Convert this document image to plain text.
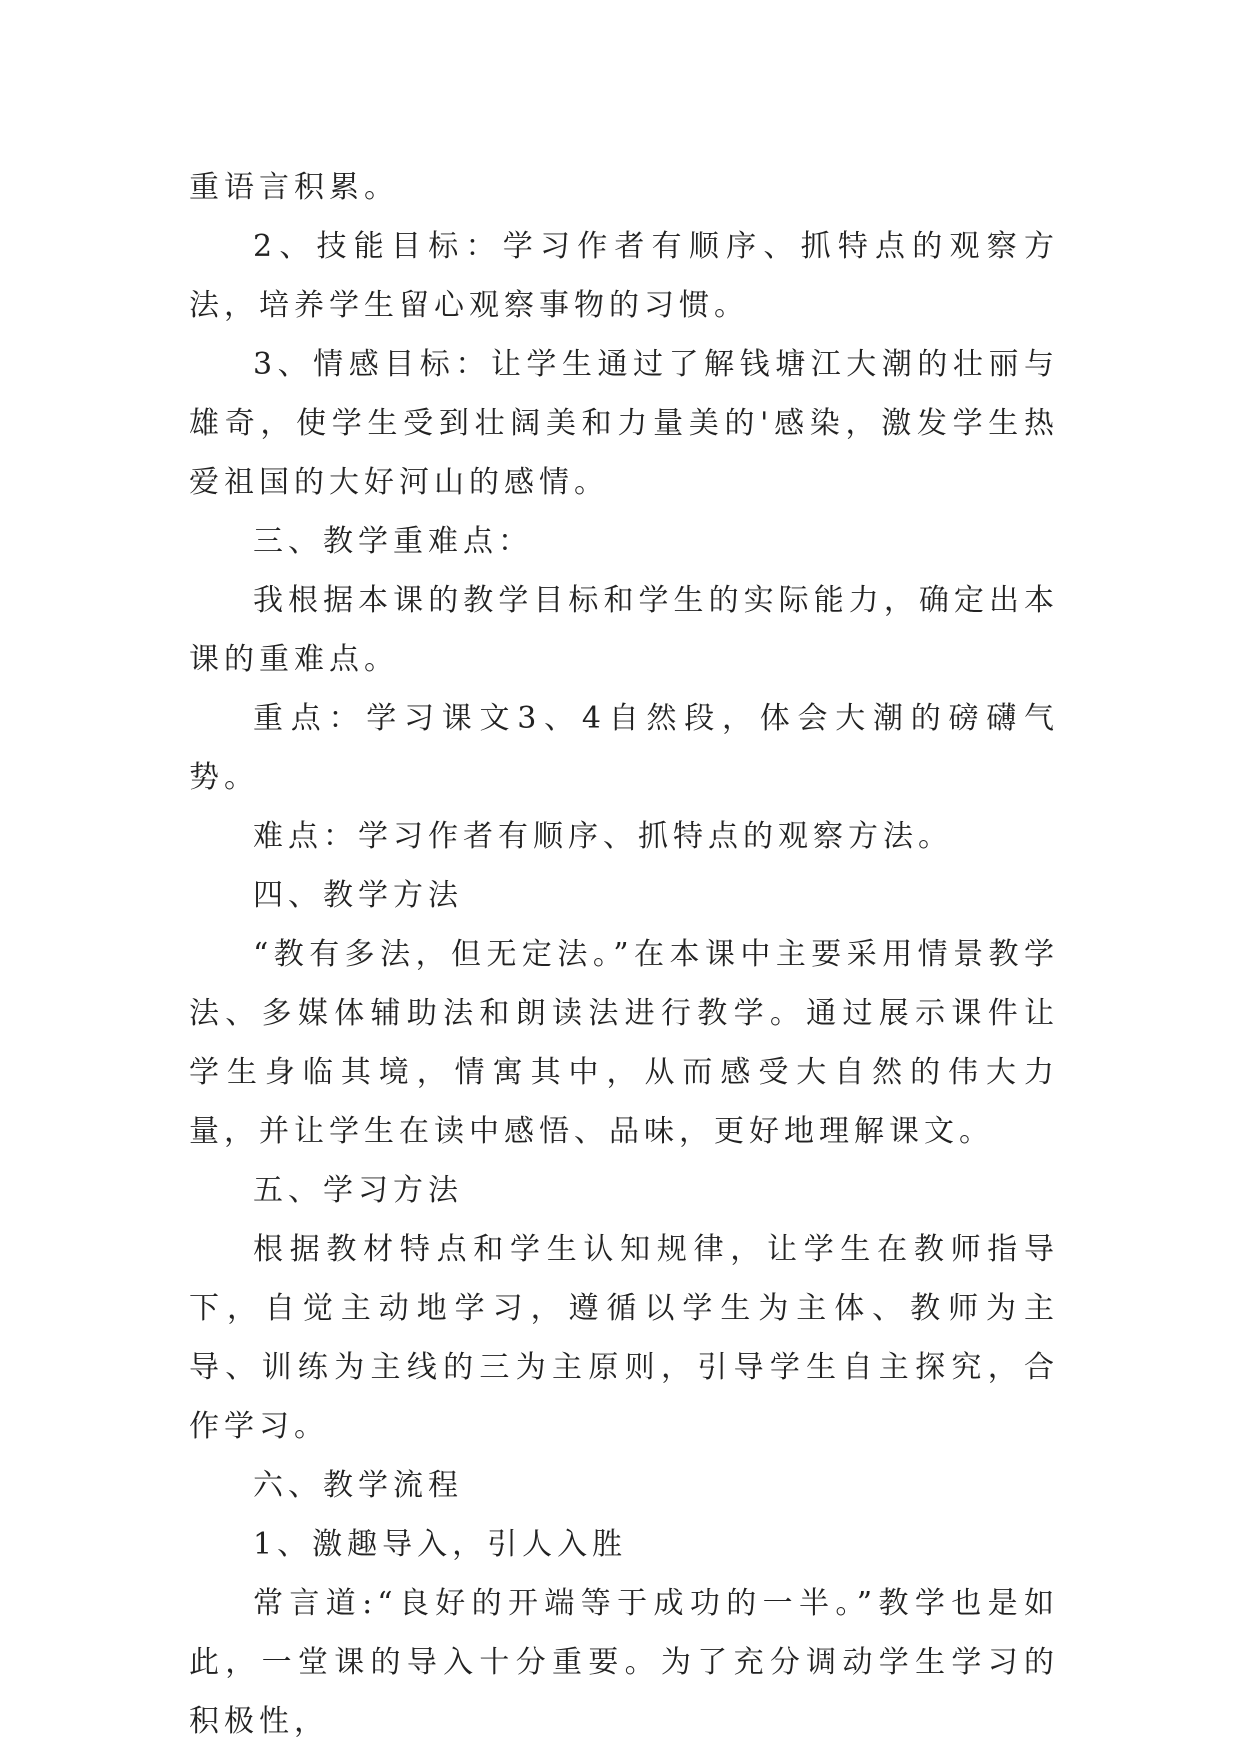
重语言积累。

2、技能目标：学习作者有顺序、抓特点的观察方法，培养学生留心观察事物的习惯。

3、情感目标：让学生通过了解钱塘江大潮的壮丽与雄奇，使学生受到壮阔美和力量美的'感染，激发学生热爱祖国的大好河山的感情。

三、教学重难点：

我根据本课的教学目标和学生的实际能力，确定出本课的重难点。

重点：学习课文3、4自然段，体会大潮的磅礴气势。

难点：学习作者有顺序、抓特点的观察方法。

四、教学方法

“教有多法，但无定法。”在本课中主要采用情景教学法、多媒体辅助法和朗读法进行教学。通过展示课件让学生身临其境，情寓其中，从而感受大自然的伟大力量，并让学生在读中感悟、品味，更好地理解课文。

五、学习方法

根据教材特点和学生认知规律，让学生在教师指导下，自觉主动地学习，遵循以学生为主体、教师为主导、训练为主线的三为主原则，引导学生自主探究，合作学习。

六、教学流程

1、激趣导入，引人入胜

常言道:“良好的开端等于成功的一半。”教学也是如此，一堂课的导入十分重要。为了充分调动学生学习的积极性，
